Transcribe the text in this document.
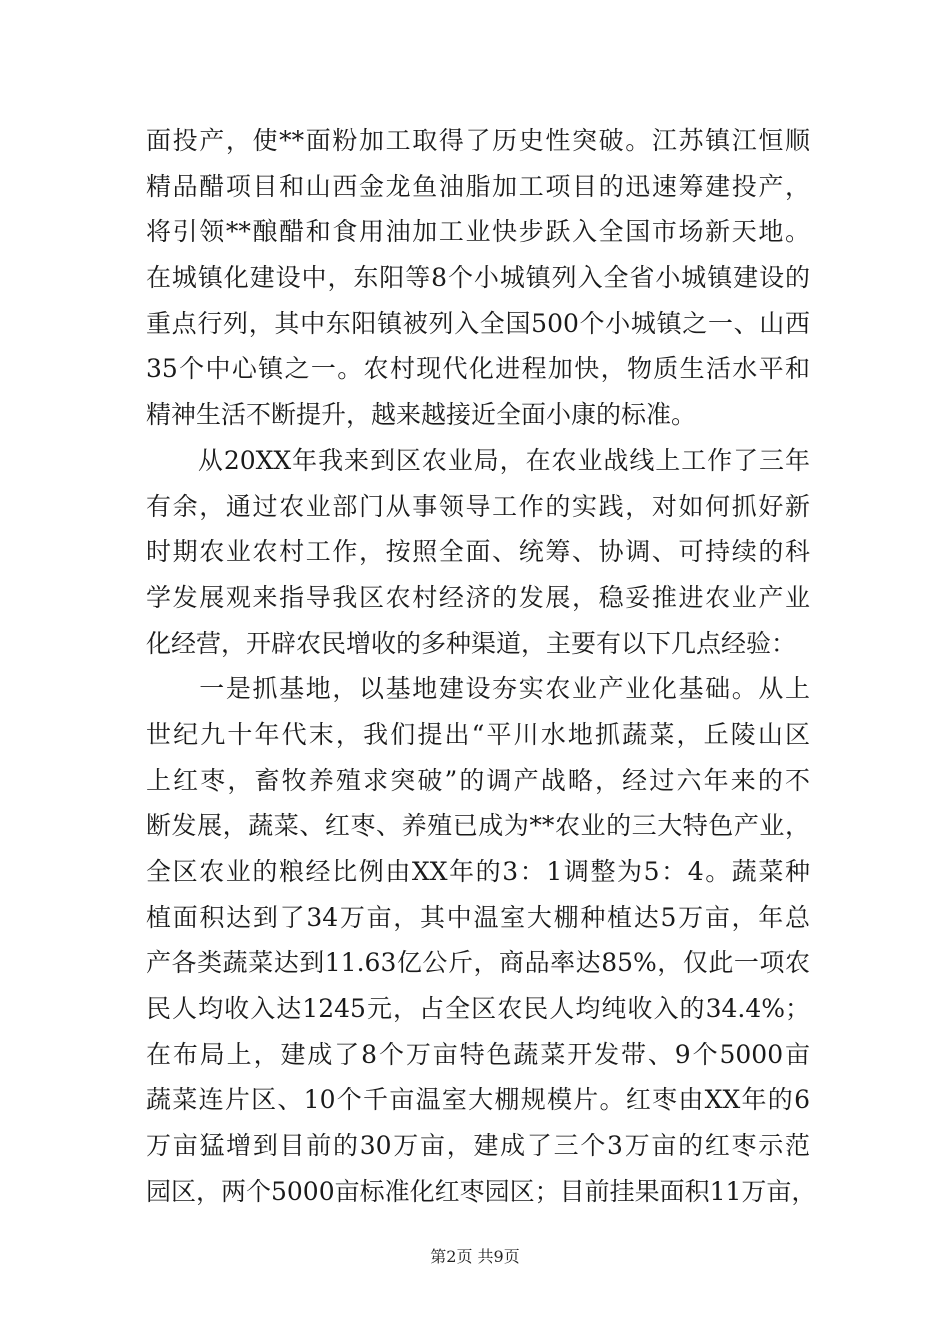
面投产，使**面粉加工取得了历史性突破。江苏镇江恒顺
精品醋项目和山西金龙鱼油脂加工项目的迅速筹建投产，
将引领**酿醋和食用油加工业快步跃入全国市场新天地。
在城镇化建设中，东阳等8个小城镇列入全省小城镇建设的
重点行列，其中东阳镇被列入全国500个小城镇之一、山西
35个中心镇之一。农村现代化进程加快，物质生活水平和
精神生活不断提升，越来越接近全面小康的标准。
　　从20XX年我来到区农业局，在农业战线上工作了三年
有余，通过农业部门从事领导工作的实践，对如何抓好新
时期农业农村工作，按照全面、统筹、协调、可持续的科
学发展观来指导我区农村经济的发展，稳妥推进农业产业
化经营，开辟农民增收的多种渠道，主要有以下几点经验：
　　一是抓基地，以基地建设夯实农业产业化基础。从上
世纪九十年代末，我们提出“平川水地抓蔬菜，丘陵山区
上红枣，畜牧养殖求突破”的调产战略，经过六年来的不
断发展，蔬菜、红枣、养殖已成为**农业的三大特色产业，
全区农业的粮经比例由XX年的3：1调整为5：4。蔬菜种
植面积达到了34万亩，其中温室大棚种植达5万亩，年总
产各类蔬菜达到11.63亿公斤，商品率达85%，仅此一项农
民人均收入达1245元，占全区农民人均纯收入的34.4%；
在布局上，建成了8个万亩特色蔬菜开发带、9个5000亩
蔬菜连片区、10个千亩温室大棚规模片。红枣由XX年的6
万亩猛增到目前的30万亩，建成了三个3万亩的红枣示范
园区，两个5000亩标准化红枣园区；目前挂果面积11万亩，
第2页 共9页
